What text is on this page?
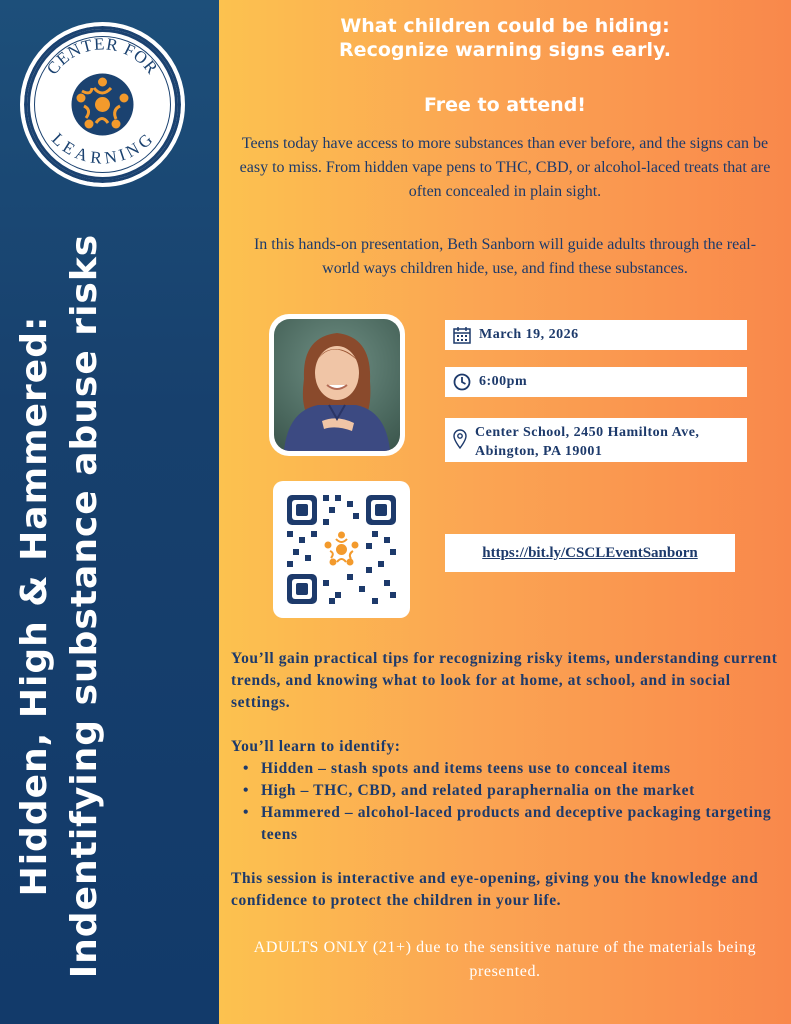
CENTER FOR
LEARNING
Hidden, High & Hammered: Indentifying substance abuse risks
What children could be hiding:
Recognize warning signs early.
Free to attend!

Teens today have access to more substances than ever before, and the signs can be easy to miss. From hidden vape pens to THC, CBD, or alcohol-laced treats that are often concealed in plain sight.

In this hands-on presentation, Beth Sanborn will guide adults through the real-world ways children hide, use, and find these substances.

March 19, 2026
6:00pm
Center School, 2450 Hamilton Ave,
Abington, PA 19001
https://bit.ly/CSCLEventSanborn

You’ll gain practical tips for recognizing risky items, understanding current trends, and knowing what to look for at home, at school, and in social settings.

You’ll learn to identify:

• Hidden – stash spots and items teens use to conceal items
• High – THC, CBD, and related paraphernalia on the market
• Hammered – alcohol-laced products and deceptive packaging targeting teens

This session is interactive and eye-opening, giving you the knowledge and confidence to protect the children in your life.

ADULTS ONLY (21+) due to the sensitive nature of the materials being presented.
